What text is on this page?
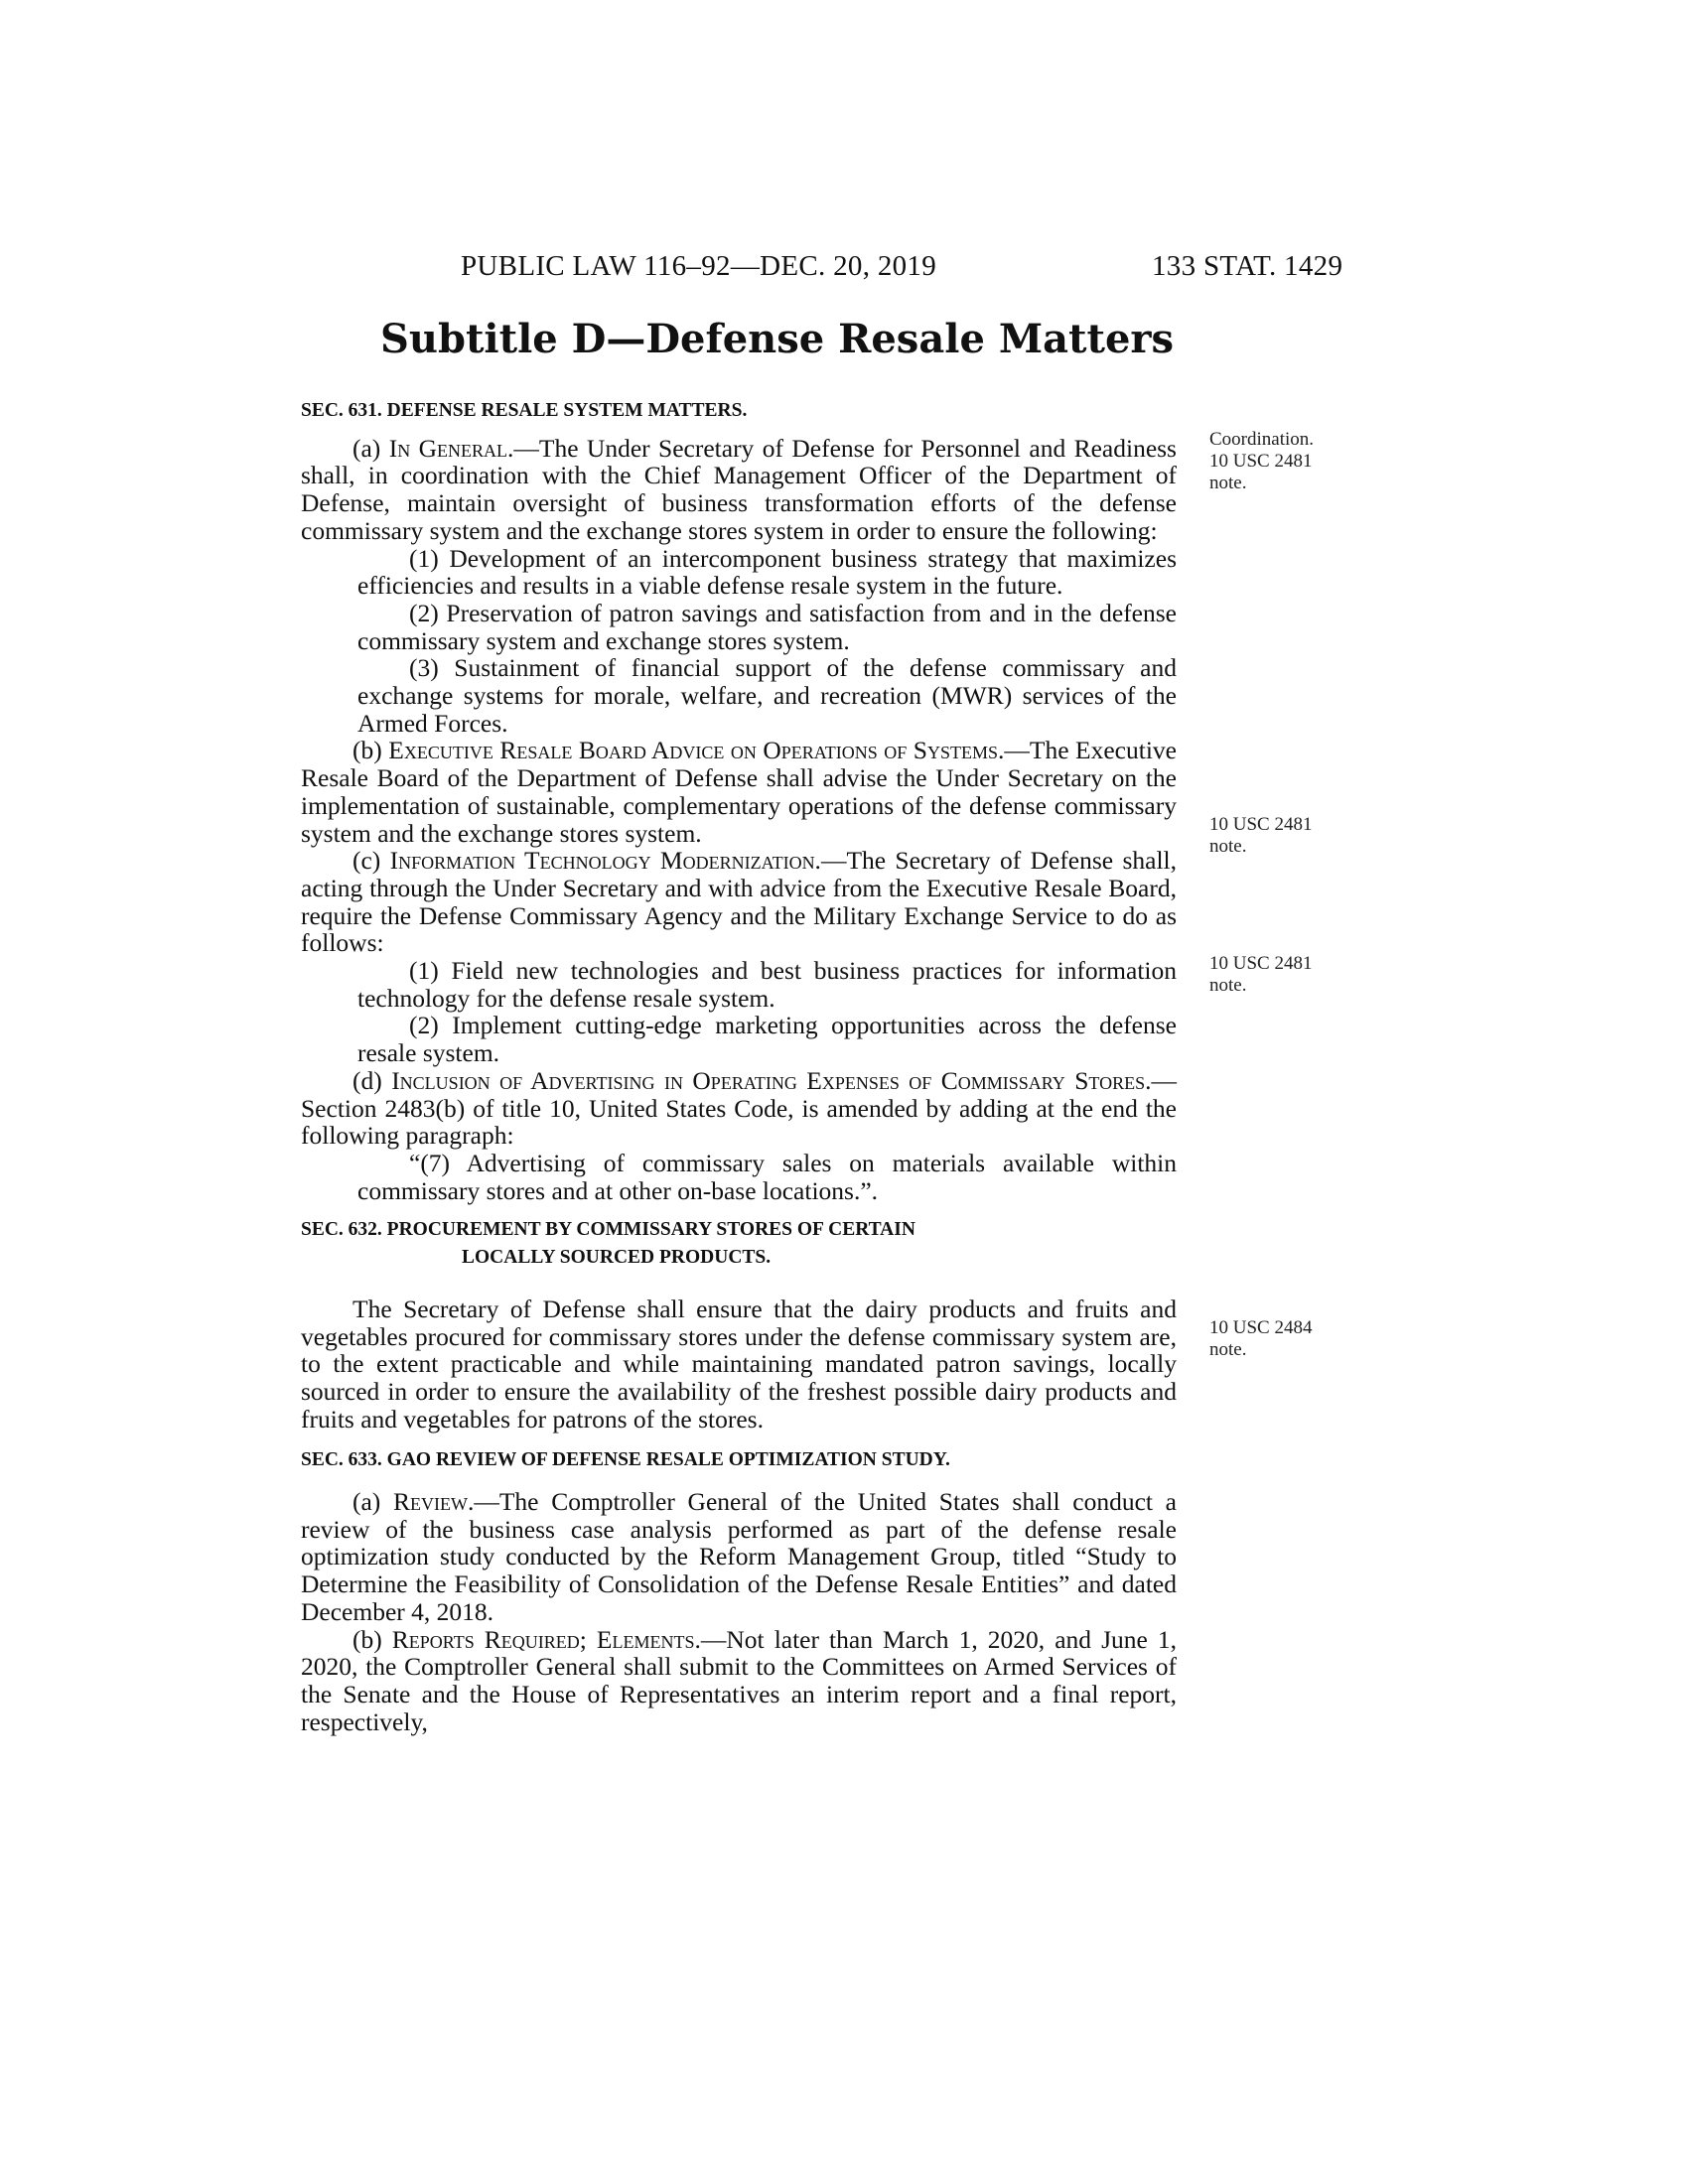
PUBLIC LAW 116–92—DEC. 20, 2019	133 STAT. 1429
Subtitle D—Defense Resale Matters
SEC. 631. DEFENSE RESALE SYSTEM MATTERS.

(a) In General.—The Under Secretary of Defense for Personnel and Readiness shall, in coordination with the Chief Management Officer of the Department of Defense, maintain oversight of business transformation efforts of the defense commissary system and the exchange stores system in order to ensure the following:

(1) Development of an intercomponent business strategy that maximizes efficiencies and results in a viable defense resale system in the future.

(2) Preservation of patron savings and satisfaction from and in the defense commissary system and exchange stores system.

(3) Sustainment of financial support of the defense commissary and exchange systems for morale, welfare, and recreation (MWR) services of the Armed Forces.

(b) Executive Resale Board Advice on Operations of Systems.—The Executive Resale Board of the Department of Defense shall advise the Under Secretary on the implementation of sustainable, complementary operations of the defense commissary system and the exchange stores system.

(c) Information Technology Modernization.—The Secretary of Defense shall, acting through the Under Secretary and with advice from the Executive Resale Board, require the Defense Commissary Agency and the Military Exchange Service to do as follows:

(1) Field new technologies and best business practices for information technology for the defense resale system.

(2) Implement cutting-edge marketing opportunities across the defense resale system.

(d) Inclusion of Advertising in Operating Expenses of Commissary Stores.—Section 2483(b) of title 10, United States Code, is amended by adding at the end the following paragraph:

“(7) Advertising of commissary sales on materials available within commissary stores and at other on-base locations.”.

SEC. 632. PROCUREMENT BY COMMISSARY STORES OF CERTAIN
LOCALLY SOURCED PRODUCTS.

The Secretary of Defense shall ensure that the dairy products and fruits and vegetables procured for commissary stores under the defense commissary system are, to the extent practicable and while maintaining mandated patron savings, locally sourced in order to ensure the availability of the freshest possible dairy products and fruits and vegetables for patrons of the stores.

SEC. 633. GAO REVIEW OF DEFENSE RESALE OPTIMIZATION STUDY.

(a) Review.—The Comptroller General of the United States shall conduct a review of the business case analysis performed as part of the defense resale optimization study conducted by the Reform Management Group, titled “Study to Determine the Feasibility of Consolidation of the Defense Resale Entities” and dated December 4, 2018.

(b) Reports Required; Elements.—Not later than March 1, 2020, and June 1, 2020, the Comptroller General shall submit to the Committees on Armed Services of the Senate and the House of Representatives an interim report and a final report, respectively,

Coordination.
10 USC 2481
note.
10 USC 2481
note.
10 USC 2481
note.
10 USC 2484
note.
